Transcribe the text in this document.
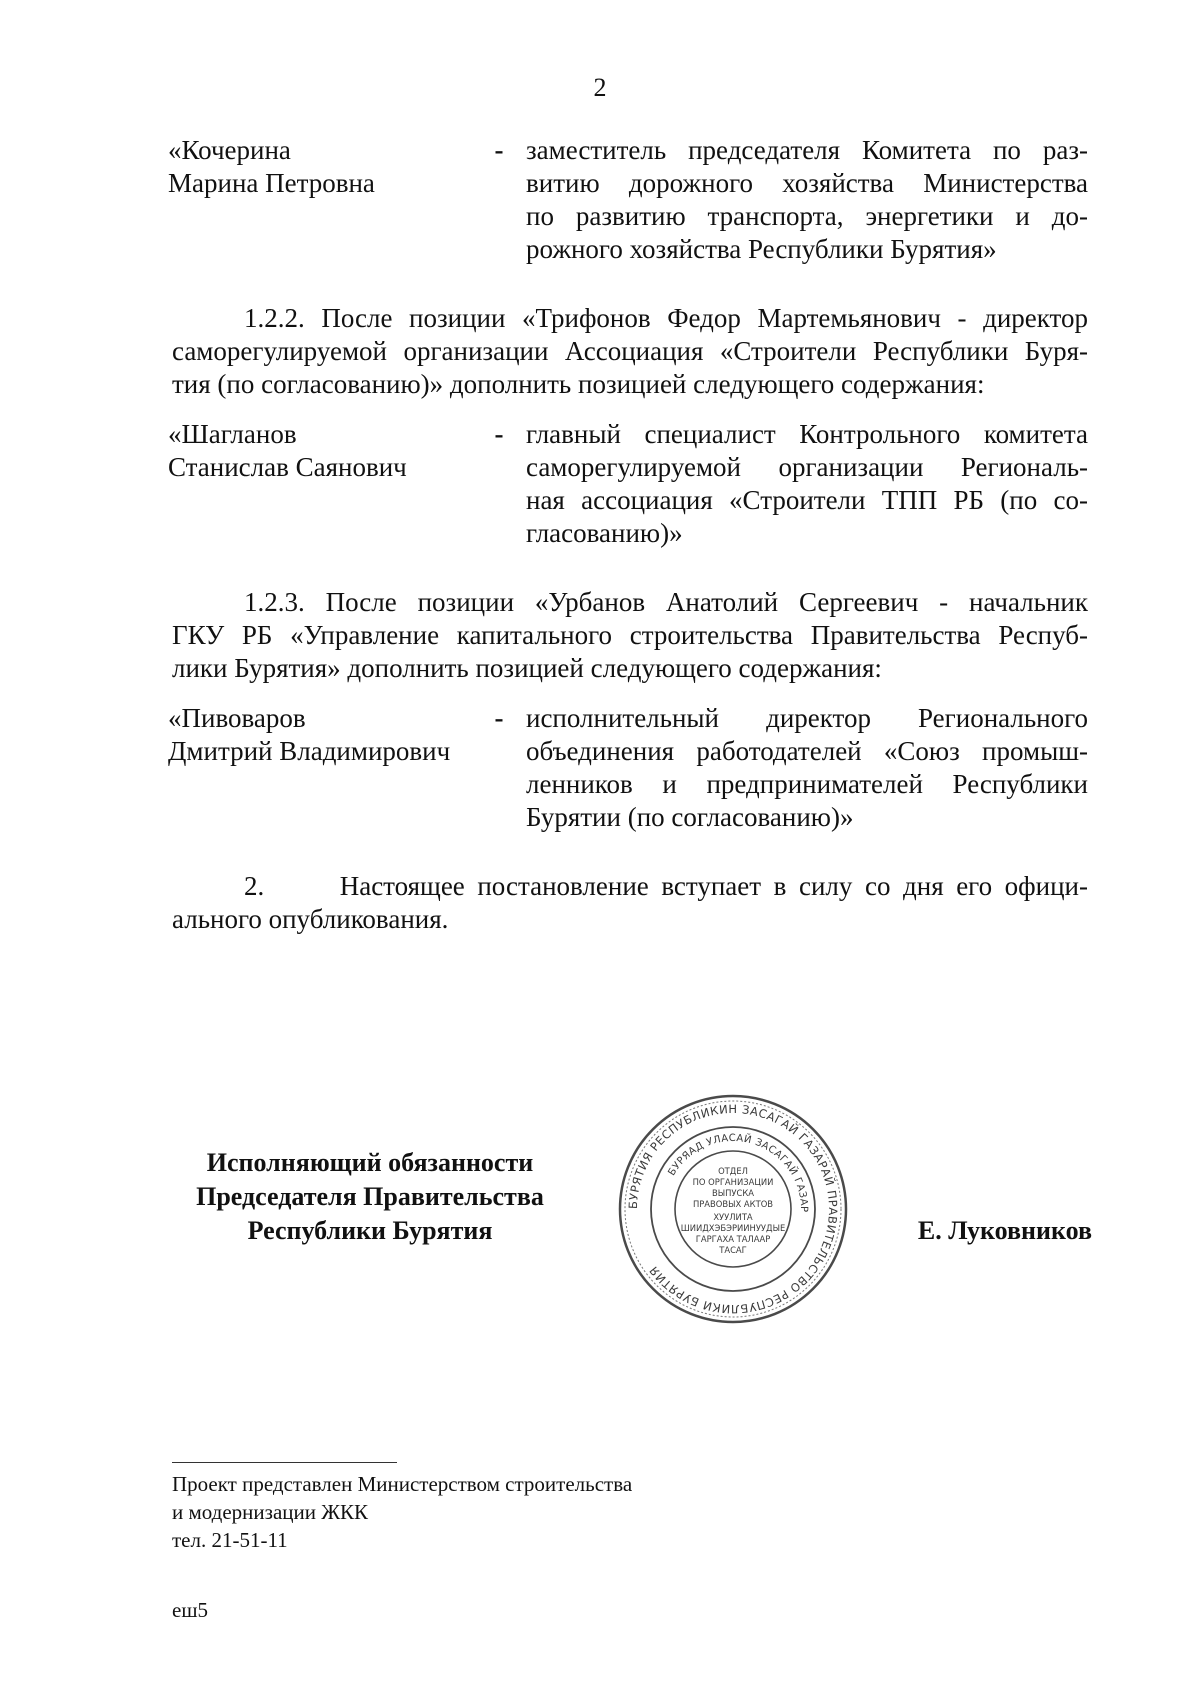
2
«Кочерина
Марина Петровна
- заместитель председателя Комитета по раз-
витию дорожного хозяйства Министерства
по развитию транспорта, энергетики и до-
рожного хозяйства Республики Бурятия»
1.2.2. После позиции «Трифонов Федор Мартемьянович - директор
саморегулируемой организации Ассоциация «Строители Республики Буря-
тия (по согласованию)» дополнить позицией следующего содержания:
«Шагланов
Станислав Саянович
- главный специалист Контрольного комитета
саморегулируемой организации Региональ-
ная ассоциация «Строители ТПП РБ (по со-
гласованию)»
1.2.3. После позиции «Урбанов Анатолий Сергеевич - начальник
ГКУ РБ «Управление капитального строительства Правительства Респуб-
лики Бурятия» дополнить позицией следующего содержания:
«Пивоваров
Дмитрий Владимирович
- исполнительный директор Регионального
объединения работодателей «Союз промыш-
ленников и предпринимателей Республики
Бурятии (по согласованию)»
2.      Настоящее постановление вступает в силу со дня его офици-
ального опубликования.
Исполняющий обязанности
Председателя Правительства
Республики Бурятия
БУРЯТИЯ РЕСПУБЛИКИН ЗАСАГАЙ ГАЗАРАЙ ПРАВИТЕЛЬСТВО РЕСПУБЛИКИ БУРЯТИЯ
БУРЯАД УЛАСАЙ ЗАСАГАЙ ГАЗАР
ОТДЕЛ
ПО ОРГАНИЗАЦИИ
ВЫПУСКА
ПРАВОВЫХ АКТОВ
ХУУЛИТА
ШИИДХЭБЭРИИНУУДЫЕ
ГАРГАХА ТАЛААР
ТАСАГ
Е. Луковников
Проект представлен Министерством строительства
и модернизации ЖКК
тел. 21-51-11
еш5
